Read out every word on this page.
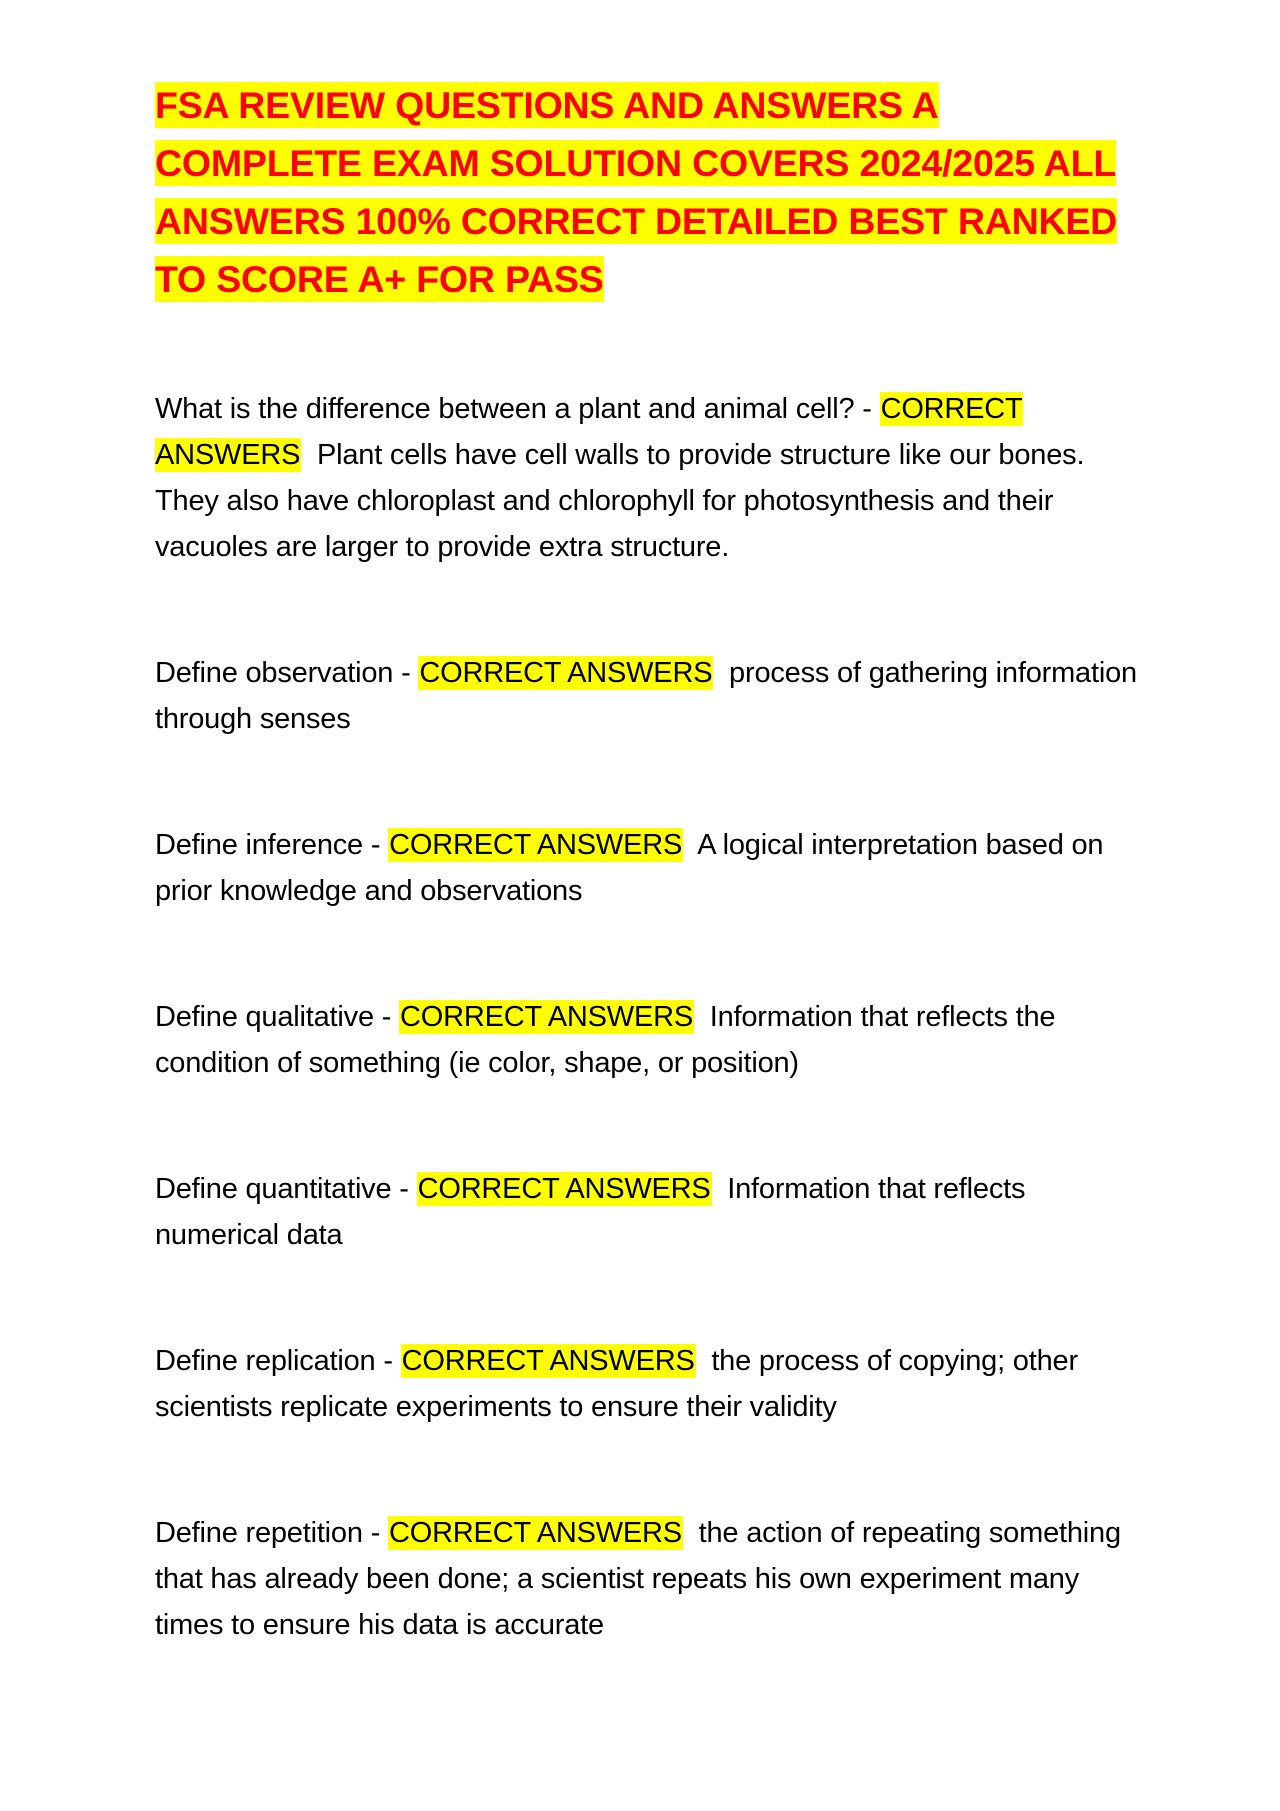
FSA REVIEW QUESTIONS AND ANSWERS A COMPLETE EXAM SOLUTION COVERS 2024/2025 ALL ANSWERS 100% CORRECT DETAILED BEST RANKED TO SCORE A+ FOR PASS

What is the difference between a plant and animal cell? - CORRECT ANSWERS  Plant cells have cell walls to provide structure like our bones. They also have chloroplast and chlorophyll for photosynthesis and their vacuoles are larger to provide extra structure.

Define observation - CORRECT ANSWERS  process of gathering information through senses

Define inference - CORRECT ANSWERS  A logical interpretation based on prior knowledge and observations

Define qualitative - CORRECT ANSWERS  Information that reflects the condition of something (ie color, shape, or position)

Define quantitative - CORRECT ANSWERS  Information that reflects numerical data

Define replication - CORRECT ANSWERS  the process of copying; other scientists replicate experiments to ensure their validity

Define repetition - CORRECT ANSWERS  the action of repeating something that has already been done; a scientist repeats his own experiment many times to ensure his data is accurate
